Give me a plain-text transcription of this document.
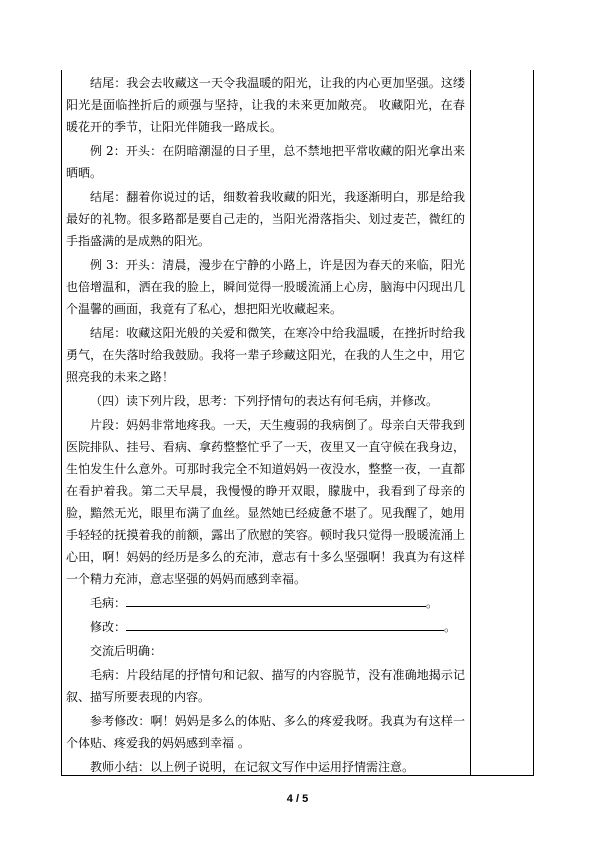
结尾：我会去收藏这一天令我温暖的阳光，让我的内心更加坚强。这缕阳光是面临挫折后的顽强与坚持，让我的未来更加敞亮。 收藏阳光，在春暖花开的季节，让阳光伴随我一路成长。

例 2：开头：在阴暗潮湿的日子里，总不禁地把平常收藏的阳光拿出来晒晒。

结尾：翻着你说过的话，细数着我收藏的阳光，我逐渐明白，那是给我最好的礼物。很多路都是要自己走的，当阳光滑落指尖、划过麦芒，微红的手指盛满的是成熟的阳光。

例 3：开头：清晨，漫步在宁静的小路上，许是因为春天的来临，阳光也倍增温和，洒在我的脸上，瞬间觉得一股暖流涌上心房，脑海中闪现出几个温馨的画面，我竟有了私心，想把阳光收藏起来。

结尾：收藏这阳光般的关爱和微笑，在寒冷中给我温暖，在挫折时给我勇气，在失落时给我鼓励。我将一辈子珍藏这阳光，在我的人生之中，用它照亮我的未来之路！

（四）读下列片段，思考：下列抒情句的表达有何毛病，并修改。

片段：妈妈非常地疼我。一天，天生瘦弱的我病倒了。母亲白天带我到医院排队、挂号、看病、拿药整整忙乎了一天，夜里又一直守候在我身边，生怕发生什么意外。可那时我完全不知道妈妈一夜没水，整整一夜，一直都在看护着我。第二天早晨，我慢慢的睁开双眼，朦胧中，我看到了母亲的脸，黯然无光，眼里布满了血丝。显然她已经疲惫不堪了。见我醒了，她用手轻轻的抚摸着我的前额，露出了欣慰的笑容。顿时我只觉得一股暖流涌上心田，啊！妈妈的经历是多么的充沛，意志有十多么坚强啊！我真为有这样一个精力充沛，意志坚强的妈妈而感到幸福。

毛病：	。

修改：	。

交流后明确：

毛病：片段结尾的抒情句和记叙、描写的内容脱节，没有准确地揭示记叙、描写所要表现的内容。

参考修改：啊！妈妈是多么的体贴、多么的疼爱我呀。我真为有这样一个体贴、疼爱我的妈妈感到幸福 。

教师小结：以上例子说明，在记叙文写作中运用抒情需注意。

4 / 5
